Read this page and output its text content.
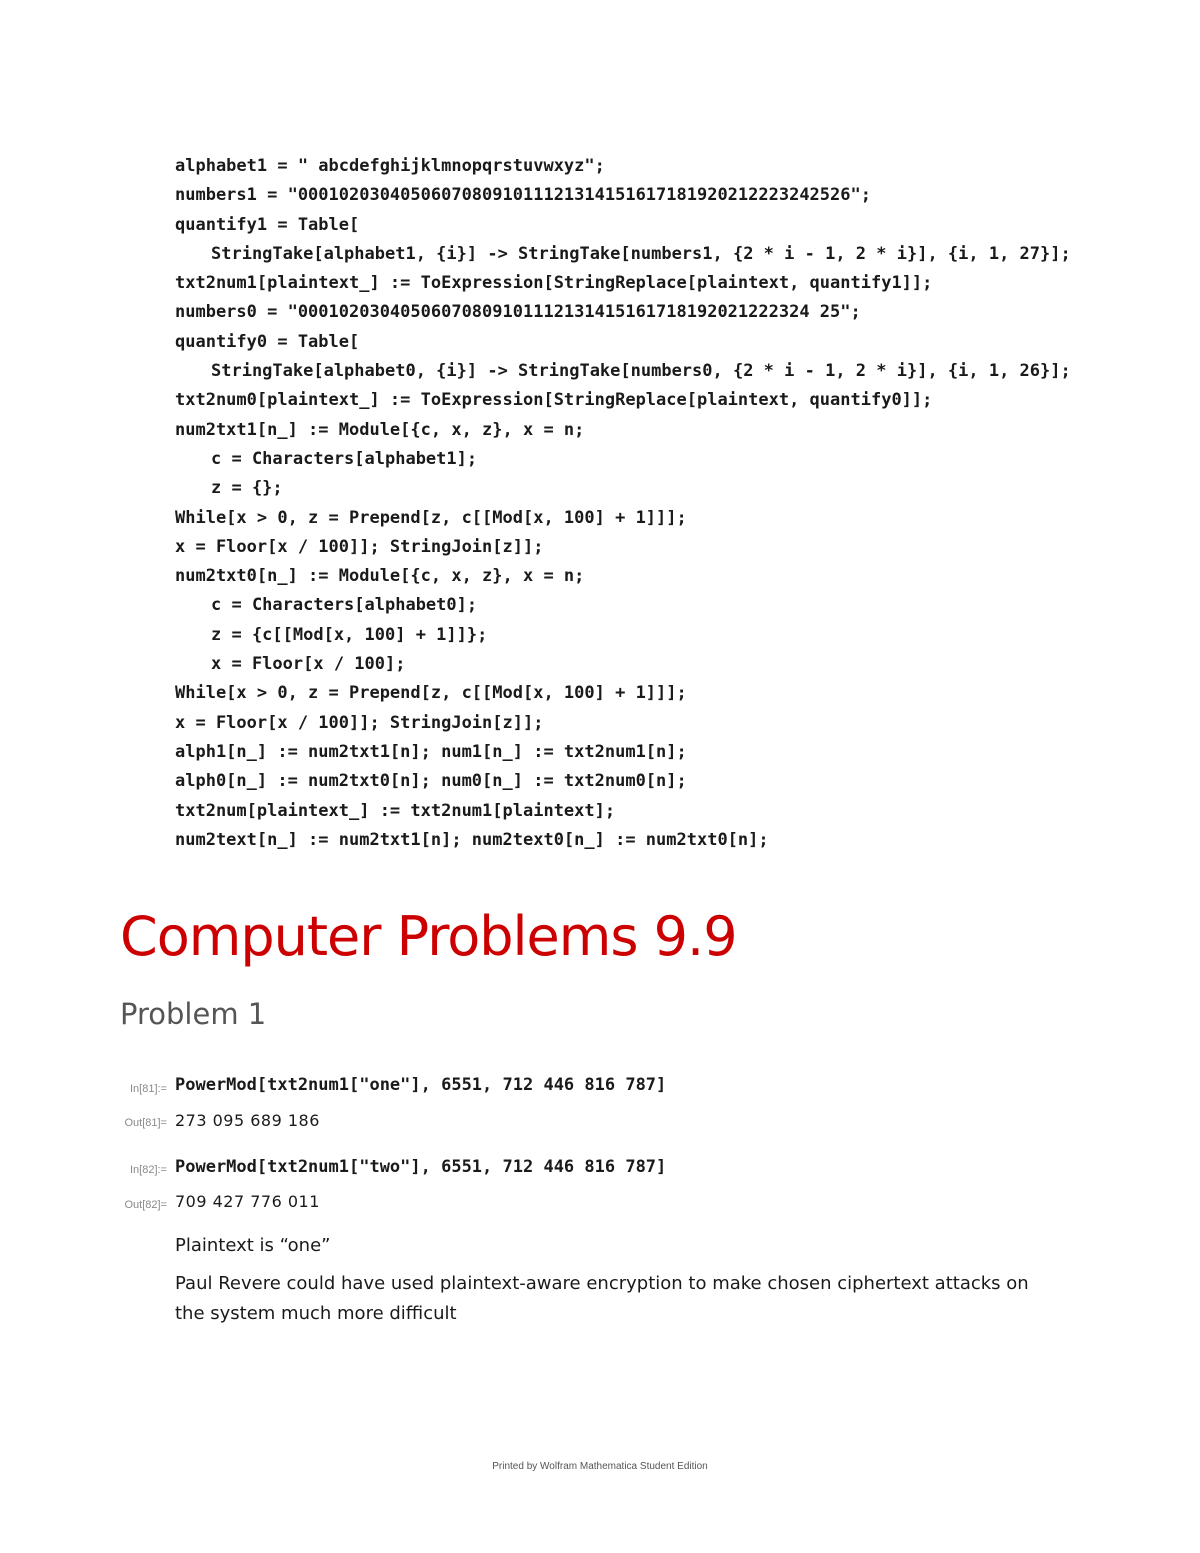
alphabet1 = " abcdefghijklmnopqrstuvwxyz";
numbers1 = "000102030405060708091011121314151617181920212223242526";
quantify1 = Table[
StringTake[alphabet1, {i}] -> StringTake[numbers1, {2 * i - 1, 2 * i}], {i, 1, 27}];
txt2num1[plaintext_] := ToExpression[StringReplace[plaintext, quantify1]];
numbers0 = "00010203040506070809101112131415161718192021222324 25";
quantify0 = Table[
StringTake[alphabet0, {i}] -> StringTake[numbers0, {2 * i - 1, 2 * i}], {i, 1, 26}];
txt2num0[plaintext_] := ToExpression[StringReplace[plaintext, quantify0]];
num2txt1[n_] := Module[{c, x, z}, x = n;
c = Characters[alphabet1];
z = {};
While[x > 0, z = Prepend[z, c[[Mod[x, 100] + 1]]];
x = Floor[x / 100]]; StringJoin[z]];
num2txt0[n_] := Module[{c, x, z}, x = n;
c = Characters[alphabet0];
z = {c[[Mod[x, 100] + 1]]};
x = Floor[x / 100];
While[x > 0, z = Prepend[z, c[[Mod[x, 100] + 1]]];
x = Floor[x / 100]]; StringJoin[z]];
alph1[n_] := num2txt1[n]; num1[n_] := txt2num1[n];
alph0[n_] := num2txt0[n]; num0[n_] := txt2num0[n];
txt2num[plaintext_] := txt2num1[plaintext];
num2text[n_] := num2txt1[n]; num2text0[n_] := num2txt0[n];
Computer Problems 9.9
Problem 1
In[81]:= PowerMod[txt2num1["one"], 6551, 712 446 816 787]
Out[81]= 273 095 689 186
In[82]:= PowerMod[txt2num1["two"], 6551, 712 446 816 787]
Out[82]= 709 427 776 011
Plaintext is “one”
Paul Revere could have used plaintext-aware encryption to make chosen ciphertext attacks on the system much more difficult
Printed by Wolfram Mathematica Student Edition
